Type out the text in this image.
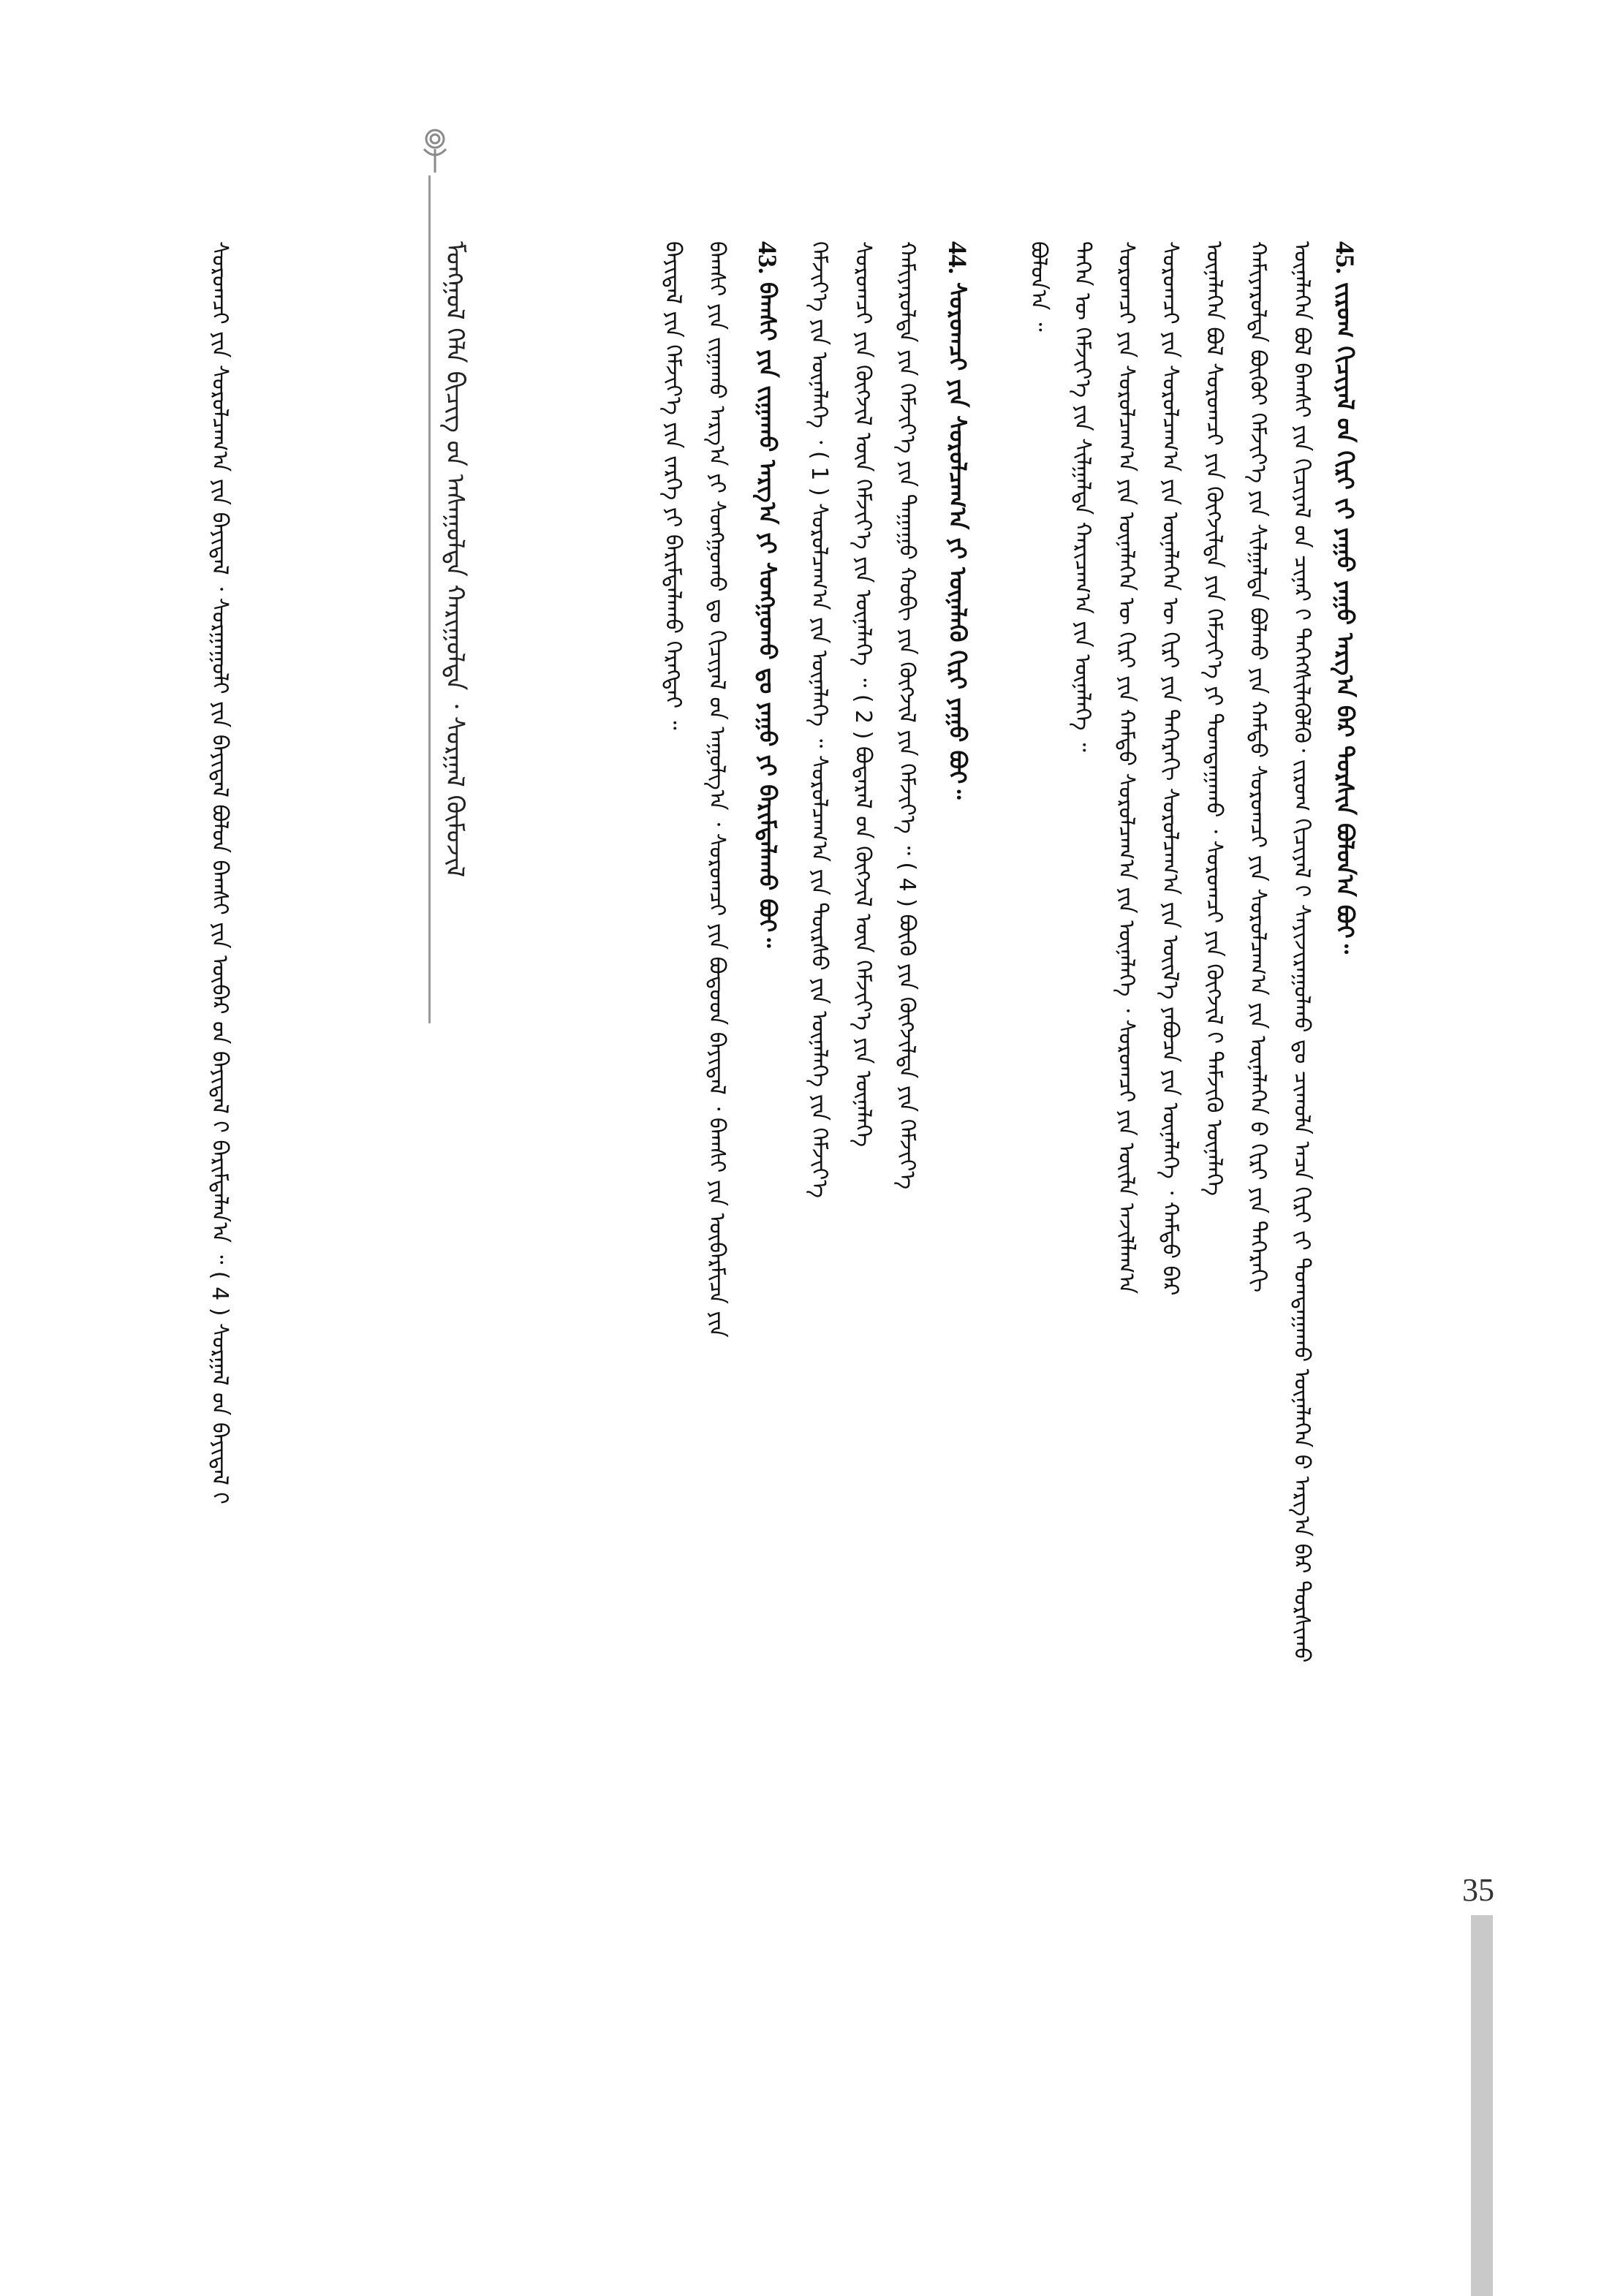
ᠮᠣᠩᠭᠣᠯ ᠬᠡᠯᠡ ᠪᠢᠴᠢᠭ ᠤ᠋ᠨ ᠠᠰᠠᠭᠤᠯᠲᠠ ᠬᠠᠷᠢᠭᠤᠯᠲᠠ ᠂ ᠰᠤᠷᠭᠠᠯ ᠬᠦᠮᠦᠵᠢᠯ	45. ᠵᠢᠷᠤᠭ ᠬᠢᠴᠢᠶᠡᠯ ᠤ᠋ᠨ ᠬᠢᠷᠢ ᠵᠢ ᠶᠠᠭᠤ ᠶᠠᠭᠤ ᠠᠷᠭ᠎ᠠ ᠪᠠᠷ ᠲᠤᠷᠰᠢᠨ ᠪᠣᠯᠤᠨ᠎ᠠ ᠪᠤᠢ᠃
ᠦᠨᠡᠯᠡᠭᠡᠨ ᠪᠣᠯ ᠪᠠᠭᠰᠢ ᠶᠢᠨ ᠬᠢᠴᠢᠶᠡᠯ ᠦ᠋ᠨ ᠴᠢᠨᠠᠷ ᠢ᠋ ᠳᠡᠭᠡᠭᠰᠢᠯᠡᠭᠦᠯᠬᠦ᠂ ᠵᠢᠷᠤᠭ ᠬᠢᠴᠢᠶᠡᠯ ᠢ᠋ ᠰᠠᠶᠢᠵᠢᠷᠠᠭᠤᠯᠬᠤ ᠳᠤ ᠴᠢᠬᠤᠯᠠ ᠠᠴᠠ ᠬᠢᠷᠢ ᠵᠢ ᠲᠣᠭᠲᠠᠭᠠᠬᠤ ᠦᠨᠡᠯᠡᠭᠡᠨ ᠤ᠋ ᠠᠷᠭ᠎ᠠ ᠪᠠᠷ ᠲᠤᠷᠰᠢᠬᠤ
ᠬᠠᠮᠢᠶᠠᠷᠤᠯᠲᠠ ᠪᠦᠬᠦᠢ ᠬᠡᠮᠵᠢᠶ᠎ᠡ ᠶᠢᠨ ᠰᠢᠯᠭᠠᠯᠲᠠ ᠪᠣᠯᠬᠤ ᠶᠢᠨ ᠬᠠᠮᠲᠤ ᠰᠤᠷᠤᠭᠴᠢ ᠶᠢᠨ ᠰᠤᠷᠤᠯᠴᠠᠭ᠎ᠠ ᠶᠢᠨ ᠦᠨᠡᠯᠡᠭᠡᠨ ᠤ᠋ ᠬᠢᠷᠢ ᠶᠢᠨ ᠳᠡᠭᠡᠷᠡᠬᠢ
ᠦᠨᠡᠯᠡᠭᠡᠨ ᠪᠣᠯ ᠰᠤᠷᠤᠭᠴᠢ ᠶᠢᠨ ᠬᠥᠭᠵᠢᠯᠲᠡ ᠶᠢᠨ ᠬᠡᠮᠵᠢᠶ᠎ᠡ ᠶᠢ ᠲᠣᠭᠲᠠᠭᠠᠬᠤ ᠂ ᠰᠤᠷᠤᠭᠴᠢ ᠶᠢᠨ ᠬᠥᠭᠵᠢᠯ ᠢ᠋ ᠳᠡᠮᠵᠢᠬᠦ ᠦᠨᠡᠯᠡᠭᠡ
ᠰᠤᠷᠤᠭᠴᠢ ᠶᠢᠨ ᠰᠤᠷᠤᠯᠴᠠᠭ᠎ᠠ ᠶᠢᠨ ᠦᠨᠡᠯᠡᠭᠡᠨ ᠦ ᠬᠢᠷᠢ ᠶᠢᠨ ᠳᠡᠭᠡᠷᠡᠬᠢ ᠰᠤᠷᠤᠯᠴᠠᠭ᠎ᠠ ᠶᠢᠨ ᠦᠢᠯ᠎ᠡ ᠶᠠᠪᠤᠴᠠ ᠶᠢᠨ ᠦᠨᠡᠯᠡᠭᠡ ᠂ ᠬᠠᠮᠲᠤ ᠪᠡᠷ
ᠰᠤᠷᠤᠭᠴᠢ ᠶᠢᠨ ᠰᠤᠷᠤᠯᠴᠠᠭ᠎ᠠ ᠶᠢᠨ ᠦᠨᠡᠯᠡᠭᠡᠨ ᠦ ᠬᠢᠷᠢ ᠶᠢᠨ ᠬᠠᠮᠲᠤ ᠰᠤᠷᠤᠯᠴᠠᠭ᠎ᠠ ᠶᠢᠨ ᠦᠨᠡᠯᠡᠭᠡ ᠂ ᠰᠤᠷᠤᠭᠴᠢ ᠶᠢᠨ ᠦᠢᠯᠡ ᠠᠵᠢᠯᠯᠠᠭ᠎ᠠ
ᠳᠡᠭᠡᠨ ᠦ ᠬᠡᠮᠵᠢᠶ᠎ᠡ ᠶᠢᠨ ᠰᠢᠯᠭᠠᠯᠲᠠ ᠬᠠᠷᠢᠴᠠᠭ᠎ᠠ ᠶᠢᠨ ᠦᠨᠡᠯᠡᠭᠡ ᠃
ᠪᠣᠯᠤᠨ᠎ᠠ ᠃
44. ᠰᠤᠷᠤᠭᠴᠢ ᠶᠢᠨ ᠰᠤᠷᠤᠯᠴᠠᠭ᠎ᠠ ᠶᠢ ᠦᠨᠡᠯᠡᠬᠦ ᠬᠢᠷᠢ ᠶᠠᠭᠤ ᠪᠤᠢ᠃
ᠬᠠᠮᠢᠶᠠᠷᠤᠯᠲᠠ ᠶᠢᠨ ᠬᠡᠮᠵᠢᠶ᠎ᠡ ᠶᠢᠨ ᠳᠠᠭᠠᠭᠤ ᠬᠤᠪᠢ ᠶᠢᠨ ᠬᠥᠭᠵᠢᠯ ᠶᠢᠨ ᠬᠡᠮᠵᠢᠶ᠎ᠡ ᠃ ( 4 ) ᠪᠦᠬᠦ ᠶᠢᠨ ᠬᠥᠭᠵᠢᠯᠲᠡ ᠶᠢᠨ ᠬᠡᠮᠵᠢᠶ᠎ᠡ
ᠰᠤᠷᠤᠭᠴᠢ ᠶᠢᠨ ᠬᠥᠭᠵᠢᠯ ᠦᠨ ᠬᠡᠮᠵᠢᠶ᠎ᠡ ᠶᠢᠨ ᠦᠨᠡᠯᠡᠭᠡ ᠃ ( 2 ) ᠪᠣᠳᠠᠷᠠᠯ ᠤ᠋ᠨ ᠬᠥᠭᠵᠢᠯ ᠦᠨ ᠬᠡᠮᠵᠢᠶ᠎ᠡ ᠶᠢᠨ ᠦᠨᠡᠯᠡᠭᠡ
ᠬᠡᠮᠵᠢᠶ᠎ᠡ ᠶᠢᠨ ᠦᠨᠡᠯᠡᠭᠡ ᠂ ( 1 ) ᠰᠤᠷᠤᠯᠴᠠᠭ᠎ᠠ ᠶᠢᠨ ᠦᠨᠡᠯᠡᠭᠡ ᠃ ᠰᠤᠷᠤᠯᠴᠠᠭ᠎ᠠ ᠶᠢᠨ ᠳᠦᠷᠰᠦ ᠶᠢᠨ ᠦᠨᠡᠯᠡᠭᠡ ᠶᠢᠨ ᠬᠡᠮᠵᠢᠶ᠎ᠡ
43. ᠪᠠᠭᠰᠢ ᠶᠢᠨ ᠵᠢᠭᠠᠬᠤ ᠠᠷᠭ᠎ᠠ ᠶᠢ ᠰᠤᠩᠭᠤᠬᠤ ᠳᠤ ᠶᠠᠭᠤ ᠶᠢ ᠪᠠᠷᠢᠮᠲᠠᠯᠠᠬᠤ ᠪᠤᠢ᠃
ᠪᠠᠭᠰᠢ ᠶᠢᠨ ᠵᠢᠭᠠᠬᠤ ᠠᠷᠭ᠎ᠠ ᠶᠢ ᠰᠤᠩᠭᠤᠬᠤ ᠳᠤ ᠬᠢᠴᠢᠶᠡᠯ ᠦ᠋ᠨ ᠠᠭᠤᠯᠭ᠎ᠠ ᠂ ᠰᠤᠷᠤᠭᠴᠢ ᠶᠢᠨ ᠪᠣᠳᠤᠳ ᠪᠠᠶᠢᠳᠠᠯ ᠂ ᠪᠠᠭᠰᠢ ᠶᠢᠨ ᠥᠪᠡᠷᠮᠢᠴᠡ ᠶᠢᠨ
ᠪᠠᠶᠢᠳᠠᠯ ᠶᠢᠨ ᠬᠡᠮᠵᠢᠶ᠎ᠡ ᠶᠢᠨ ᠵᠡᠷᠭᠡ ᠶᠢ ᠪᠠᠷᠢᠮᠲᠠᠯᠠᠬᠤ ᠬᠡᠷᠡᠭᠲᠡᠢ ᠃
ᠰᠤᠷᠤᠭᠴᠢ ᠶᠢᠨ ᠰᠤᠷᠤᠯᠴᠠᠭ᠎ᠠ ᠶᠢᠨ ᠪᠠᠶᠢᠳᠠᠯ ᠂ ᠰᠤᠷᠭᠠᠭᠤᠯᠢ ᠶᠢᠨ ᠪᠠᠶᠢᠳᠠᠯ ᠪᠣᠯᠤᠨ ᠪᠠᠭᠰᠢ ᠶᠢᠨ ᠥᠪᠡᠷ ᠤ᠋ᠨ ᠪᠠᠶᠢᠳᠠᠯ ᠢ᠋ ᠪᠠᠷᠢᠮᠲᠠᠯᠠᠨ᠎ᠠ ᠃ ( 4 ) ᠰᠤᠷᠭᠠᠯ ᠤ᠋ᠨ ᠪᠠᠶᠢᠳᠠᠯ ᠢ᠋
35
